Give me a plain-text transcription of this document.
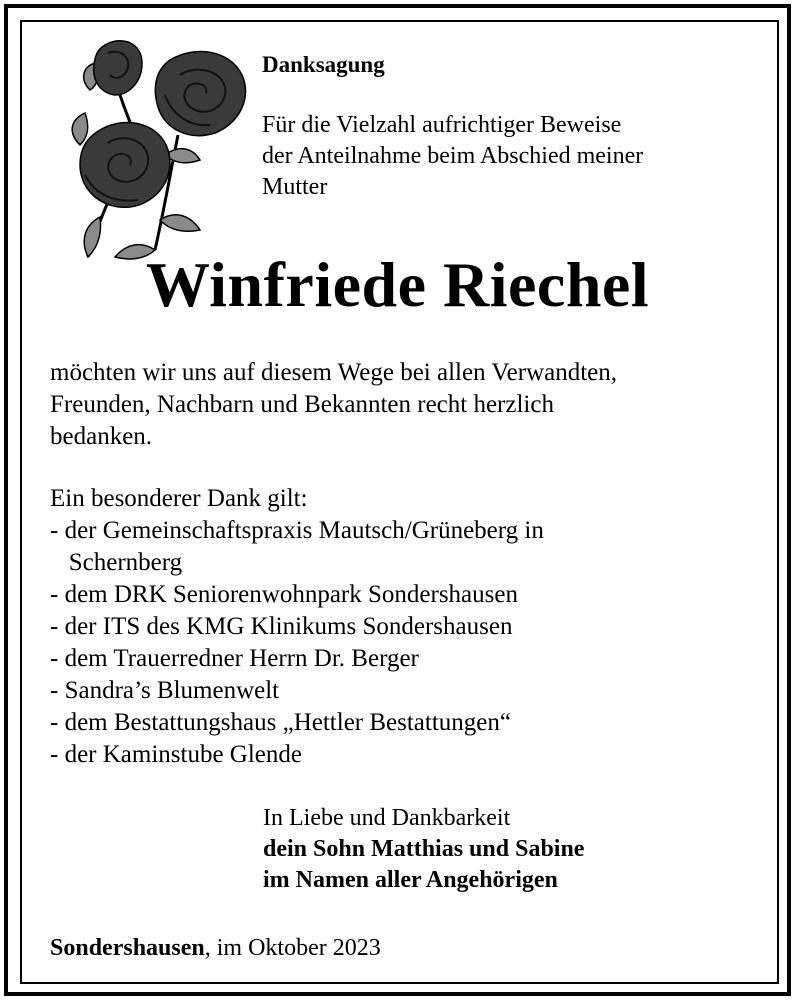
Danksagung
Für die Vielzahl aufrichtiger Beweise
der Anteilnahme beim Abschied meiner
Mutter
Winfriede Riechel
möchten wir uns auf diesem Wege bei allen Verwandten,
Freunden, Nachbarn und Bekannten recht herzlich
bedanken.
Ein besonderer Dank gilt:
- der Gemeinschaftspraxis Mautsch/Grüneberg in
Schernberg
- dem DRK Seniorenwohnpark Sondershausen
- der ITS des KMG Klinikums Sondershausen
- dem Trauerredner Herrn Dr. Berger
- Sandra’s Blumenwelt
- dem Bestattungshaus „Hettler Bestattungen“
- der Kaminstube Glende
In Liebe und Dankbarkeit
dein Sohn Matthias und Sabine
im Namen aller Angehörigen
Sondershausen, im Oktober 2023
